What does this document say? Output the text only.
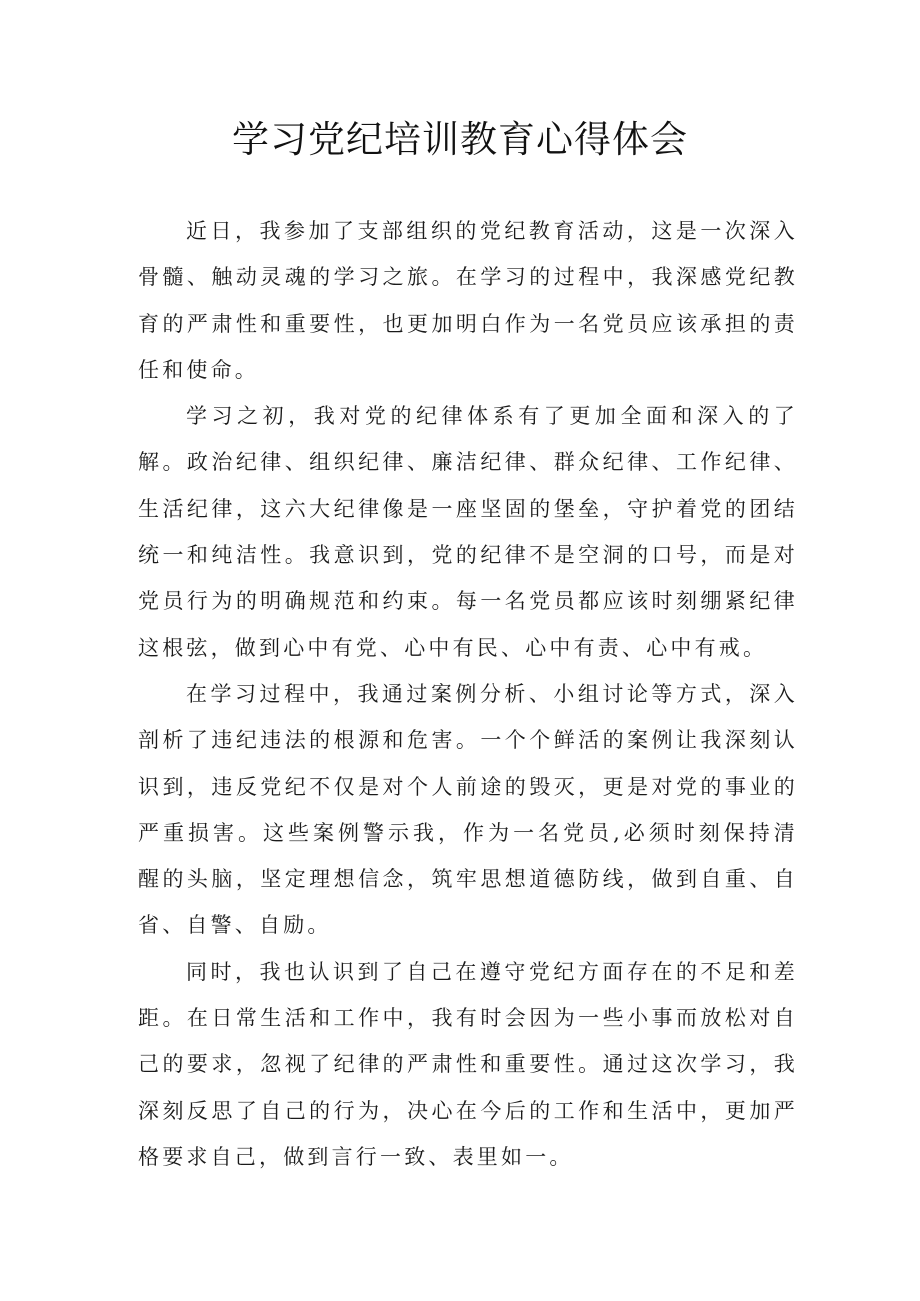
学习党纪培训教育心得体会

近日，我参加了支部组织的党纪教育活动，这是一次深入骨髓、触动灵魂的学习之旅。在学习的过程中，我深感党纪教育的严肃性和重要性，也更加明白作为一名党员应该承担的责任和使命。

学习之初，我对党的纪律体系有了更加全面和深入的了解。政治纪律、组织纪律、廉洁纪律、群众纪律、工作纪律、生活纪律，这六大纪律像是一座坚固的堡垒，守护着党的团结统一和纯洁性。我意识到，党的纪律不是空洞的口号，而是对党员行为的明确规范和约束。每一名党员都应该时刻绷紧纪律这根弦，做到心中有党、心中有民、心中有责、心中有戒。

在学习过程中，我通过案例分析、小组讨论等方式，深入剖析了违纪违法的根源和危害。一个个鲜活的案例让我深刻认识到，违反党纪不仅是对个人前途的毁灭，更是对党的事业的严重损害。这些案例警示我，作为一名党员,必须时刻保持清醒的头脑，坚定理想信念，筑牢思想道德防线，做到自重、自省、自警、自励。

同时，我也认识到了自己在遵守党纪方面存在的不足和差距。在日常生活和工作中，我有时会因为一些小事而放松对自己的要求，忽视了纪律的严肃性和重要性。通过这次学习，我深刻反思了自己的行为，决心在今后的工作和生活中，更加严格要求自己，做到言行一致、表里如一。
